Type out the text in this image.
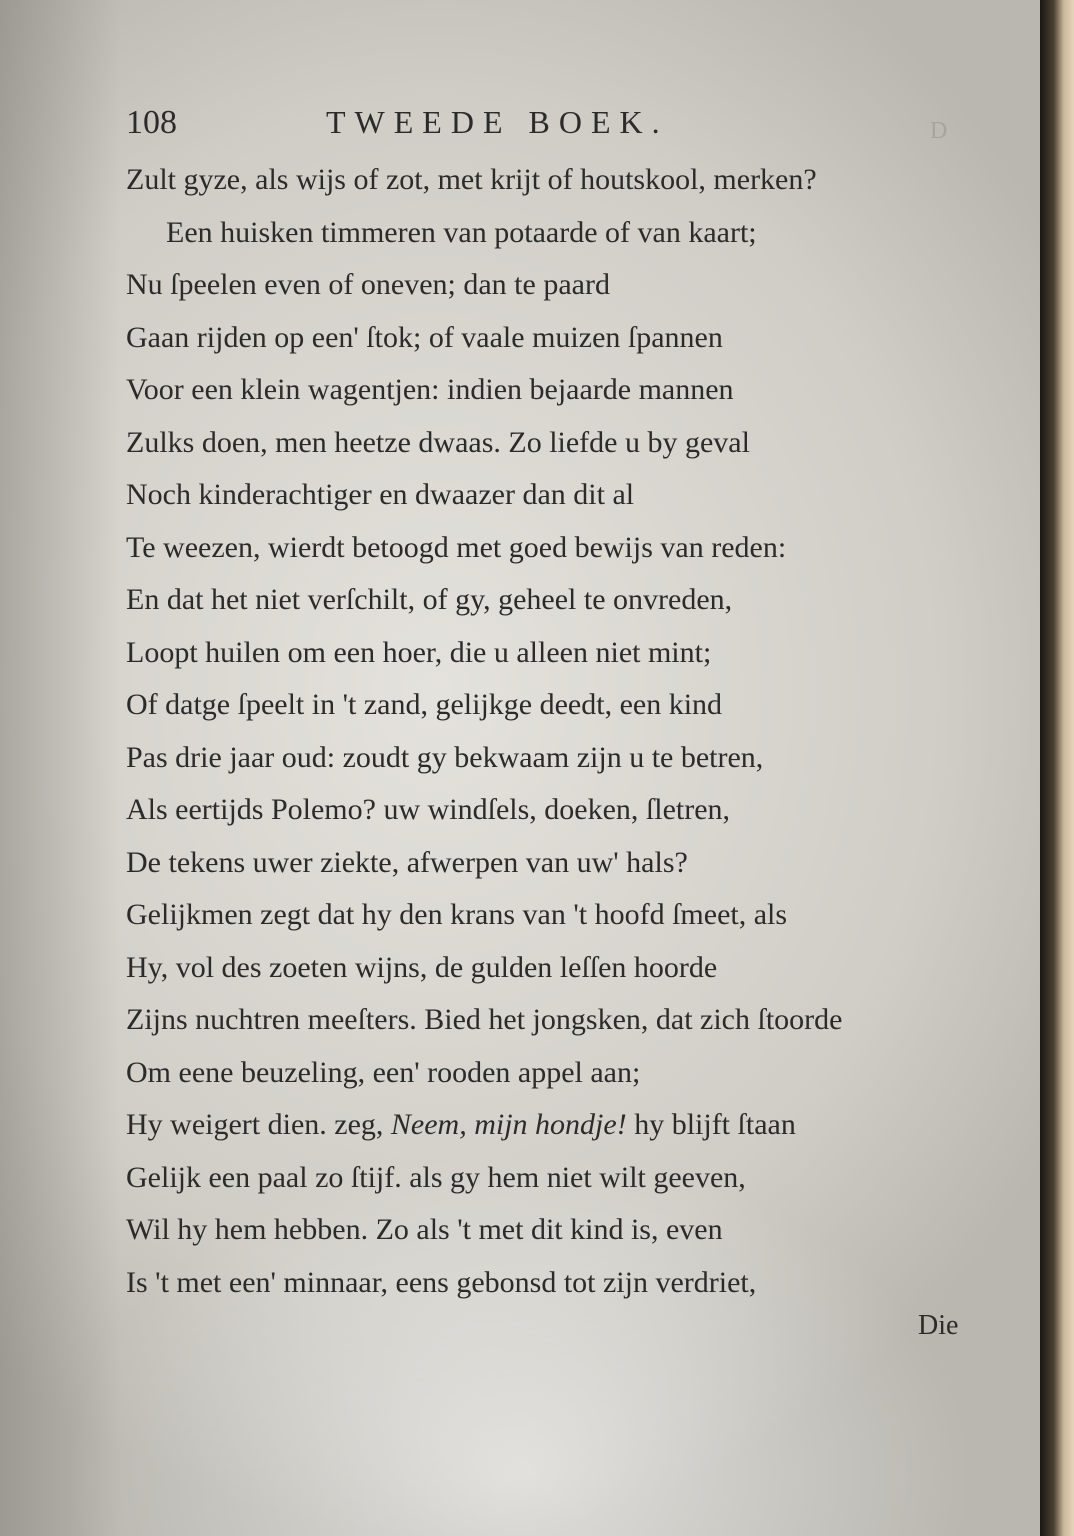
D
108	TWEEDE BOEK.
Zult gyze, als wijs of zot, met krijt of houtskool, merken?
Een huisken timmeren van potaarde of van kaart;
Nu ſpeelen even of oneven; dan te paard
Gaan rijden op een' ſtok; of vaale muizen ſpannen
Voor een klein wagentjen: indien bejaarde mannen
Zulks doen, men heetze dwaas. Zo liefde u by geval
Noch kinderachtiger en dwaazer dan dit al
Te weezen, wierdt betoogd met goed bewijs van reden:
En dat het niet verſchilt, of gy, geheel te onvreden,
Loopt huilen om een hoer, die u alleen niet mint;
Of datge ſpeelt in 't zand, gelijkge deedt, een kind
Pas drie jaar oud: zoudt gy bekwaam zijn u te betren,
Als eertijds Polemo? uw windſels, doeken, ſletren,
De tekens uwer ziekte, afwerpen van uw' hals?
Gelijkmen zegt dat hy den krans van 't hoofd ſmeet, als
Hy, vol des zoeten wijns, de gulden leſſen hoorde
Zijns nuchtren meeſters. Bied het jongsken, dat zich ſtoorde
Om eene beuzeling, een' rooden appel aan;
Hy weigert dien. zeg, Neem, mijn hondje! hy blijft ſtaan
Gelijk een paal zo ſtijf. als gy hem niet wilt geeven,
Wil hy hem hebben. Zo als 't met dit kind is, even
Is 't met een' minnaar, eens gebonsd tot zijn verdriet,
Die
